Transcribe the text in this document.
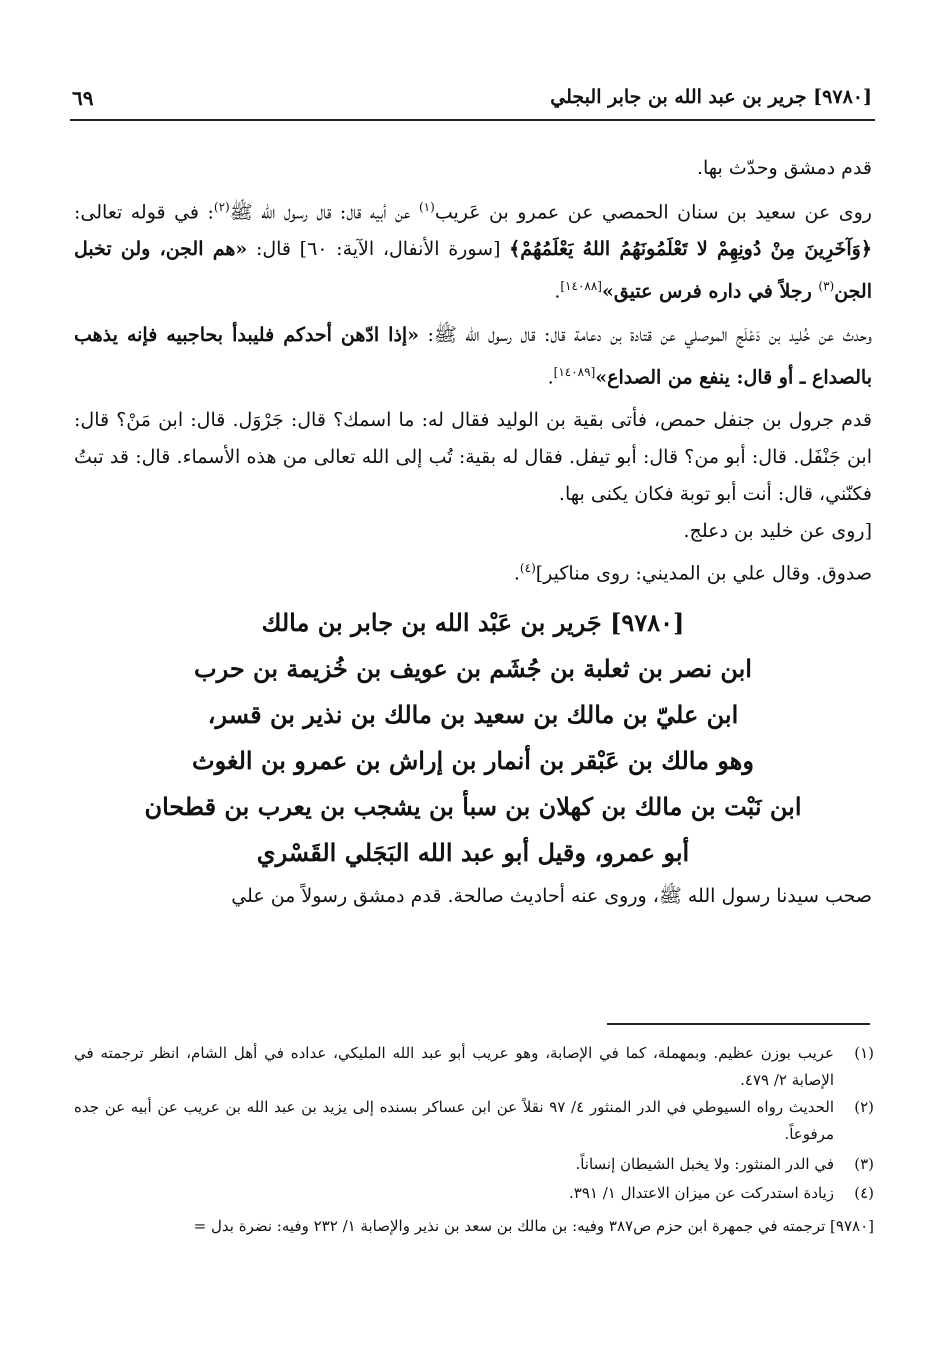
[٩٧٨٠] جرير بن عبد الله بن جابر البجلي
٦٩

قدم دمشق وحدّث بها.

روى عن سعيد بن سنان الحمصي عن عمرو بن عَريب$^{(١)}$ عن أبيه قال: قال رسول الله ﷺ$^{(٢)}$: في قوله تعالى: ﴿وَآخَرِينَ مِنْ دُونِهِمْ لا تَعْلَمُونَهُمُ اللهُ يَعْلَمُهُمْ﴾ [سورة الأنفال، الآية: ٦٠] قال: «هم الجن، ولن تخبل الجن$^{(٣)}$ رجلاً في داره فرس عتيق»[١٤٠٨٨].

وحدث عن خُليد بن دَعْلَج الموصلي عن قتادة بن دعامة قال: قال رسول الله ﷺ: «إذا ادّهن أحدكم فليبدأ بحاجبيه فإنه يذهب بالصداع ـ أو قال: ينفع من الصداع»[١٤٠٨٩].

قدم جرول بن جنفل حمص، فأتى بقية بن الوليد فقال له: ما اسمك؟ قال: جَرْوَل. قال: ابن مَنْ؟ قال: ابن جَنْفَل. قال: أبو من؟ قال: أبو تيفل. فقال له بقية: تُب إلى الله تعالى من هذه الأسماء. قال: قد تبتُ فكنّني، قال: أنت أبو توبة فكان يكنى بها.

[روى عن خليد بن دعلج.

صدوق. وقال علي بن المديني: روى مناكير]$^{(٤)}$.

[٩٧٨٠] جَرير بن عَبْد الله بن جابر بن مالك
ابن نصر بن ثعلبة بن جُشَم بن عويف بن خُزيمة بن حرب
ابن عليّ بن مالك بن سعيد بن مالك بن نذير بن قسر،
وهو مالك بن عَبْقر بن أنمار بن إراش بن عمرو بن الغوث
ابن نَبْت بن مالك بن كهلان بن سبأ بن يشجب بن يعرب بن قطحان
أبو عمرو، وقيل أبو عبد الله البَجَلي القَسْري

صحب سيدنا رسول الله ﷺ، وروى عنه أحاديث صالحة. قدم دمشق رسولاً من علي

(١)
عريب بوزن عظيم. وبمهملة، كما في الإصابة، وهو عريب أبو عبد الله المليكي، عداده في أهل الشام، انظر ترجمته في الإصابة ٢/ ٤٧٩.

(٢)
الحديث رواه السيوطي في الدر المنثور ٤/ ٩٧ نقلاً عن ابن عساكر بسنده إلى يزيد بن عبد الله بن عريب عن أبيه عن جده مرفوعاً.

(٣)
في الدر المنثور: ولا يخبل الشيطان إنساناً.

(٤)
زيادة استدركت عن ميزان الاعتدال ١/ ٣٩١.

[٩٧٨٠] ترجمته في جمهرة ابن حزم ص٣٨٧ وفيه: بن مالك بن سعد بن نذير والإصابة ١/ ٢٣٢ وفيه: نضرة بدل =
